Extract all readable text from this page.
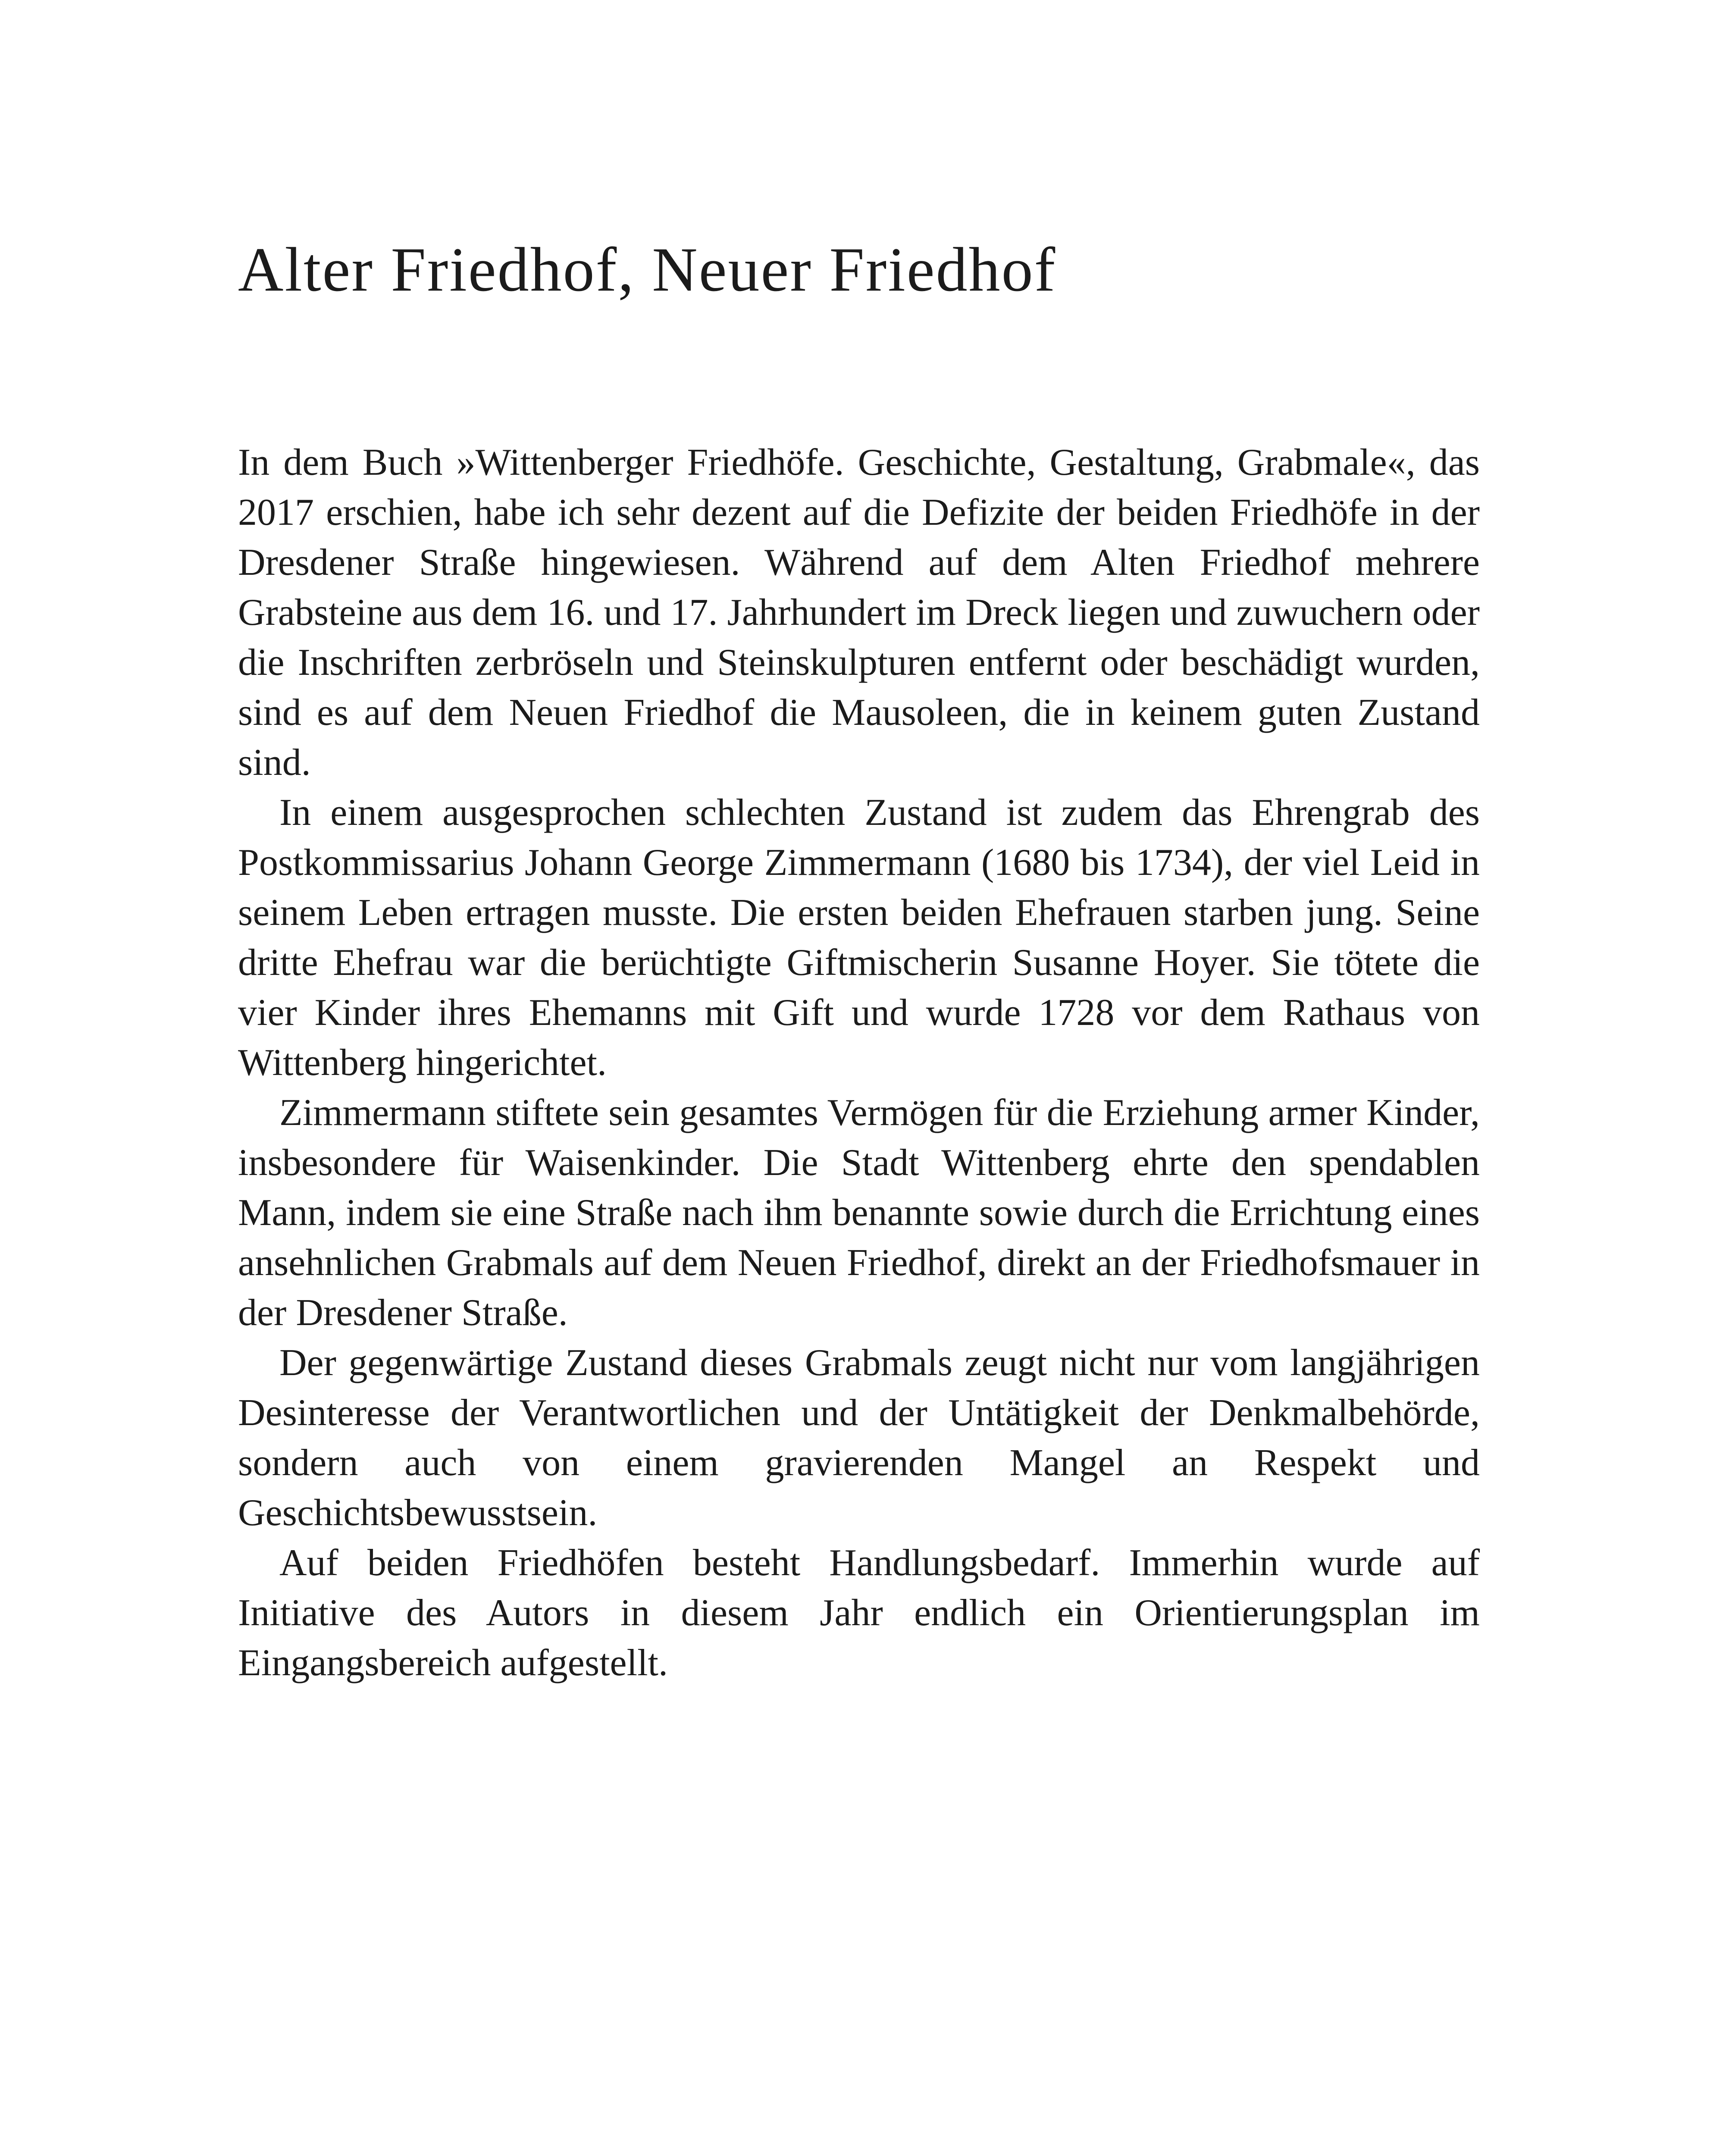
Alter Friedhof, Neuer Friedhof

In dem Buch »Wittenberger Friedhöfe. Geschichte, Gestaltung, Grabmale«, das 2017 erschien, habe ich sehr dezent auf die Defizite der beiden Friedhöfe in der Dresdener Straße hingewiesen. Während auf dem Alten Friedhof mehrere Grabsteine aus dem 16. und 17. Jahrhundert im Dreck liegen und zuwuchern oder die Inschriften zerbröseln und Steinskulpturen entfernt oder beschädigt wurden, sind es auf dem Neuen Friedhof die Mausoleen, die in keinem guten Zustand sind.

In einem ausgesprochen schlechten Zustand ist zudem das Ehrengrab des Postkommissarius Johann George Zimmermann (1680 bis 1734), der viel Leid in seinem Leben ertragen musste. Die ersten beiden Ehefrauen starben jung. Seine dritte Ehefrau war die berüchtigte Giftmischerin Susanne Hoyer. Sie tötete die vier Kinder ihres Ehemanns mit Gift und wurde 1728 vor dem Rathaus von Wittenberg hingerichtet.

Zimmermann stiftete sein gesamtes Vermögen für die Erziehung armer Kinder, insbesondere für Waisenkinder. Die Stadt Wittenberg ehrte den spendablen Mann, indem sie eine Straße nach ihm benannte sowie durch die Errichtung eines ansehnlichen Grabmals auf dem Neuen Friedhof, direkt an der Friedhofsmauer in der Dresdener Straße.

Der gegenwärtige Zustand dieses Grabmals zeugt nicht nur vom langjährigen Desinteresse der Verantwortlichen und der Untätigkeit der Denkmalbehörde, sondern auch von einem gravierenden Mangel an Respekt und Geschichtsbewusstsein.

Auf beiden Friedhöfen besteht Handlungsbedarf. Immerhin wurde auf Initiative des Autors in diesem Jahr endlich ein Orientierungsplan im Eingangsbereich aufgestellt.
